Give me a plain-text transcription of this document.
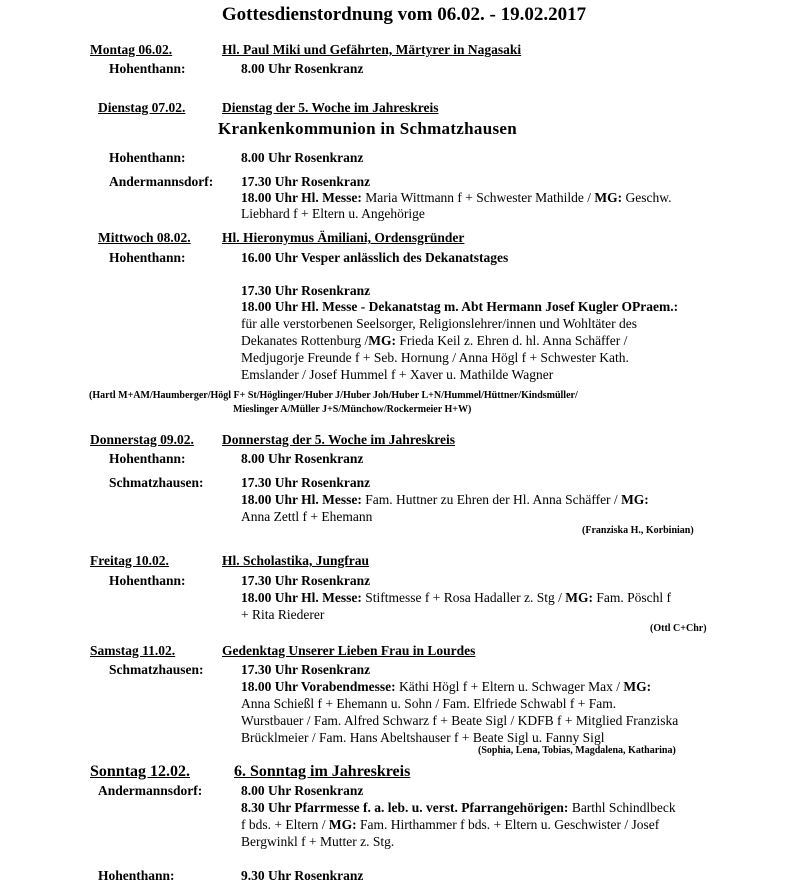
Gottesdienstordnung vom 06.02. - 19.02.2017
Montag 06.02.	Hl. Paul Miki und Gefährten, Märtyrer in Nagasaki
Hohenthann:	8.00 Uhr Rosenkranz
Dienstag 07.02.	Dienstag der 5. Woche im Jahreskreis
Krankenkommunion in Schmatzhausen
Hohenthann:	8.00 Uhr Rosenkranz
Andermannsdorf: 17.30 Uhr Rosenkranz
18.00 Uhr Hl. Messe: Maria Wittmann f + Schwester Mathilde / MG: Geschw.
Liebhard f + Eltern u. Angehörige
Mittwoch 08.02. Hl. Hieronymus Ämiliani, Ordensgründer
Hohenthann:	16.00 Uhr Vesper anlässlich des Dekanatstages
17.30 Uhr Rosenkranz
18.00 Uhr Hl. Messe - Dekanatstag m. Abt Hermann Josef Kugler OPraem.:
für alle verstorbenen Seelsorger, Religionslehrer/innen und Wohltäter des
Dekanates Rottenburg /MG: Frieda Keil z. Ehren d. hl. Anna Schäffer /
Medjugorje Freunde f + Seb. Hornung / Anna Högl f + Schwester Kath.
Emslander / Josef Hummel f + Xaver u. Mathilde Wagner
(Hartl M+AM/Haumberger/Högl F+ St/Höglinger/Huber J/Huber Joh/Huber L+N/Hummel/Hüttner/Kindsmüller/
Mieslinger A/Müller J+S/Münchow/Rockermeier H+W)
Donnerstag 09.02. Donnerstag der 5. Woche im Jahreskreis
Hohenthann:	8.00 Uhr Rosenkranz
Schmatzhausen:	17.30 Uhr Rosenkranz
18.00 Uhr Hl. Messe: Fam. Huttner zu Ehren der Hl. Anna Schäffer / MG:
Anna Zettl f + Ehemann
(Franziska H., Korbinian)
Freitag 10.02.	Hl. Scholastika, Jungfrau
Hohenthann:	17.30 Uhr Rosenkranz
18.00 Uhr Hl. Messe: Stiftmesse f + Rosa Hadaller z. Stg / MG: Fam. Pöschl f
+ Rita Riederer
(Ottl C+Chr)
Samstag 11.02.	Gedenktag Unserer Lieben Frau in Lourdes
Schmatzhausen:	17.30 Uhr Rosenkranz
18.00 Uhr Vorabendmesse: Käthi Högl f + Eltern u. Schwager Max / MG:
Anna Schießl f + Ehemann u. Sohn / Fam. Elfriede Schwabl f + Fam.
Wurstbauer / Fam. Alfred Schwarz f + Beate Sigl / KDFB f + Mitglied Franziska
Brücklmeier / Fam. Hans Abeltshauser f + Beate Sigl u. Fanny Sigl
(Sophia, Lena, Tobias, Magdalena, Katharina)
Sonntag 12.02.	6. Sonntag im Jahreskreis
Andermannsdorf:	8.00 Uhr Rosenkranz
8.30 Uhr Pfarrmesse f. a. leb. u. verst. Pfarrangehörigen: Barthl Schindlbeck
f bds. + Eltern / MG: Fam. Hirthammer f bds. + Eltern u. Geschwister / Josef
Bergwinkl f + Mutter z. Stg.
Hohenthann:	9.30 Uhr Rosenkranz
